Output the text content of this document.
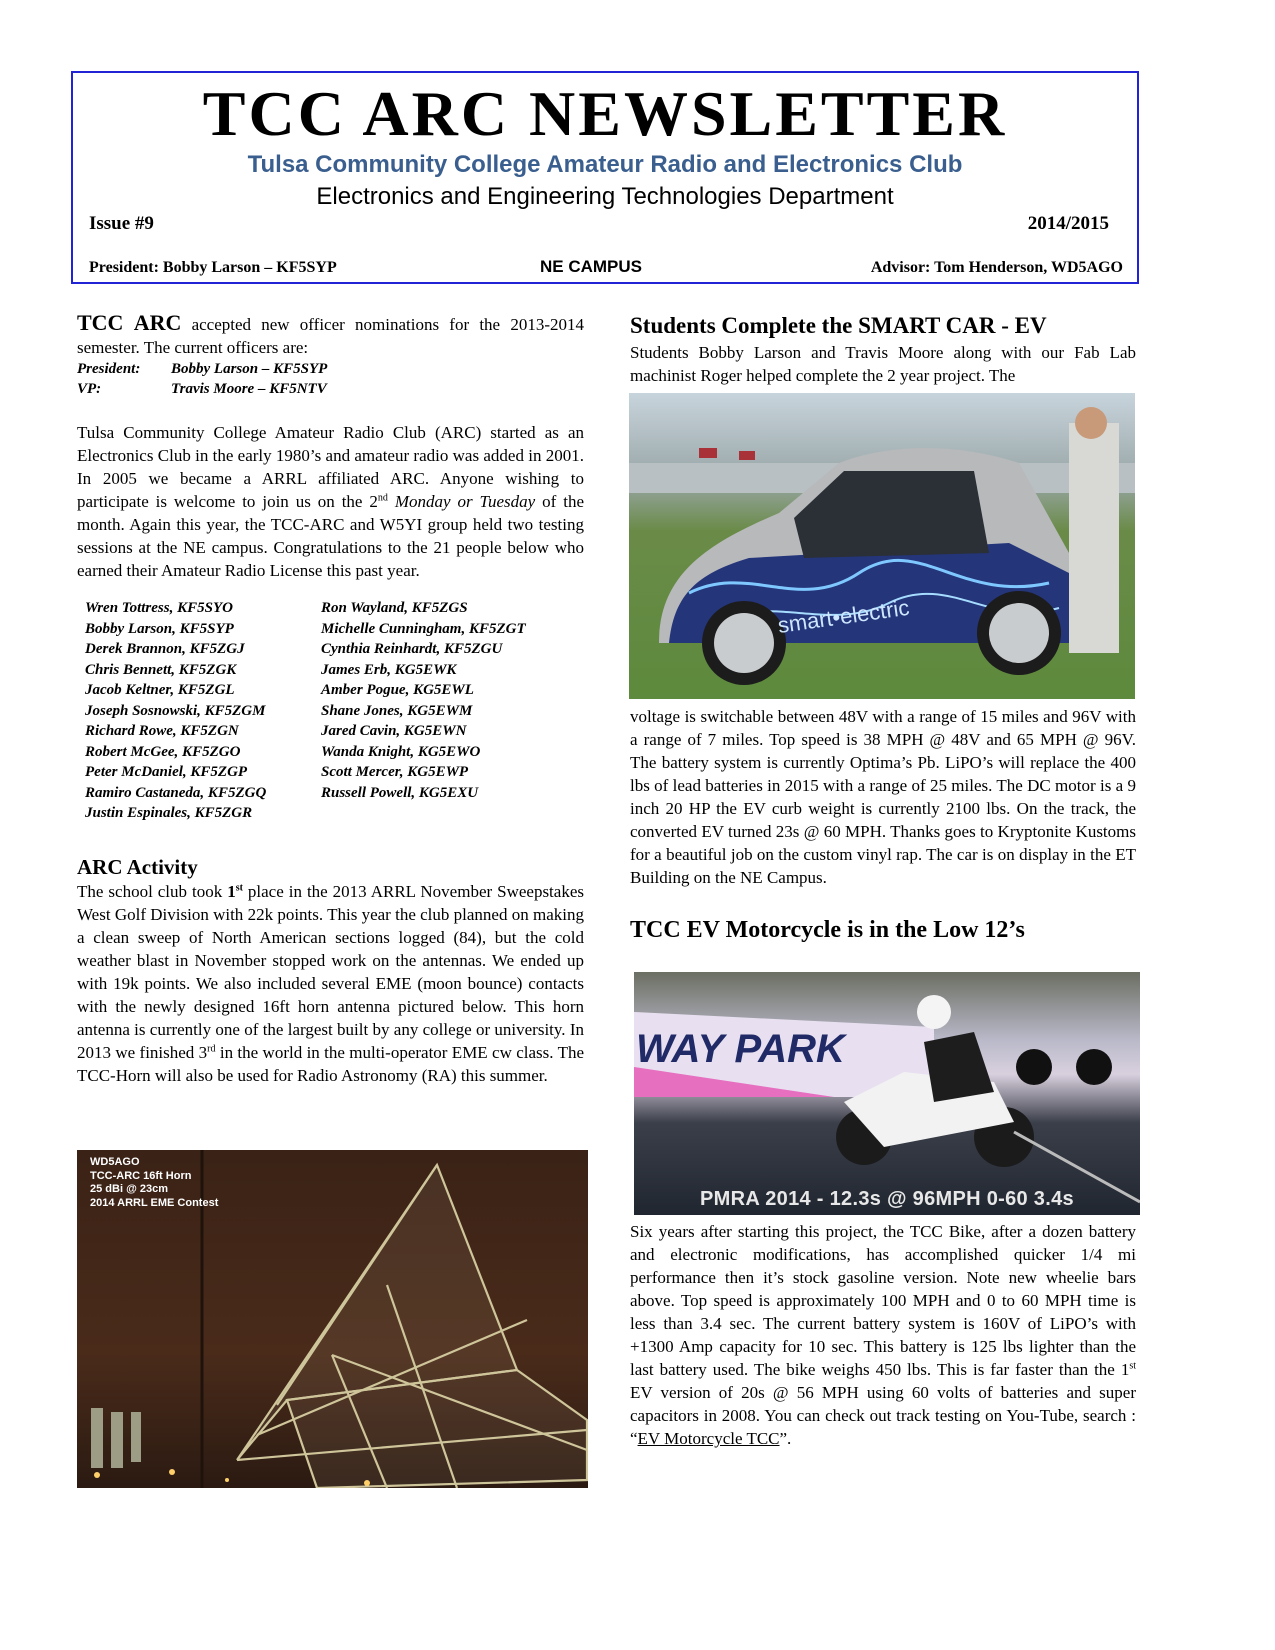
TCC ARC NEWSLETTER
Tulsa Community College Amateur Radio and Electronics Club
Electronics and Engineering Technologies Department
Issue #9	2014/2015
President: Bobby Larson – KF5SYP	NE CAMPUS	Advisor: Tom Henderson, WD5AGO

TCC ARC accepted new officer nominations for the 2013-2014 semester. The current officers are:

President: Bobby Larson – KF5SYP

VP:	Travis Moore – KF5NTV

Tulsa Community College Amateur Radio Club (ARC) started as an Electronics Club in the early 1980’s and amateur radio was added in 2001. In 2005 we became a ARRL affiliated ARC. Anyone wishing to participate is welcome to join us on the 2nd Monday or Tuesday of the month. Again this year, the TCC-ARC and W5YI group held two testing sessions at the NE campus. Congratulations to the 21 people below who earned their Amateur Radio License this past year.

Wren Tottress, KF5SYO	Ron Wayland, KF5ZGS
Bobby Larson, KF5SYP	Michelle Cunningham, KF5ZGT
Derek Brannon, KF5ZGJ	Cynthia Reinhardt, KF5ZGU
Chris Bennett, KF5ZGK	James Erb, KG5EWK
Jacob Keltner, KF5ZGL	Amber Pogue, KG5EWL
Joseph Sosnowski, KF5ZGM	Shane Jones, KG5EWM
Richard Rowe, KF5ZGN	Jared Cavin, KG5EWN
Robert McGee, KF5ZGO	Wanda Knight, KG5EWO
Peter McDaniel, KF5ZGP	Scott Mercer, KG5EWP
Ramiro Castaneda, KF5ZGQ	Russell Powell, KG5EXU
Justin Espinales, KF5ZGR
ARC Activity

The school club took 1st place in the 2013 ARRL November Sweepstakes West Golf Division with 22k points. This year the club planned on making a clean sweep of North American sections logged (84), but the cold weather blast in November stopped work on the antennas. We ended up with 19k points. We also included several EME (moon bounce) contacts with the newly designed 16ft horn antenna pictured below. This horn antenna is currently one of the largest built by any college or university. In 2013 we finished 3rd in the world in the multi-operator EME cw class. The TCC-Horn will also be used for Radio Astronomy (RA) this summer.

WD5AGO
TCC-ARC 16ft Horn
25 dBi @ 23cm
2014 ARRL EME Contest
Students Complete the SMART CAR - EV

Students Bobby Larson and Travis Moore along with our Fab Lab machinist Roger helped complete the 2 year project. The

smart•electric

voltage is switchable between 48V with a range of 15 miles and 96V with a range of 7 miles. Top speed is 38 MPH @ 48V and 65 MPH @ 96V. The battery system is currently Optima’s Pb. LiPO’s will replace the 400 lbs of lead batteries in 2015 with a range of 25 miles. The DC motor is a 9 inch 20 HP the EV curb weight is currently 2100 lbs. On the track, the converted EV turned 23s @ 60 MPH. Thanks goes to Kryptonite Kustoms for a beautiful job on the custom vinyl rap. The car is on display in the ET Building on the NE Campus.

TCC EV Motorcycle is in the Low 12’s
WAY PARK
PMRA 2014 - 12.3s @ 96MPH 0-60 3.4s

Six years after starting this project, the TCC Bike, after a dozen battery and electronic modifications, has accomplished quicker 1/4 mi performance then it’s stock gasoline version. Note new wheelie bars above. Top speed is approximately 100 MPH and 0 to 60 MPH time is less than 3.4 sec. The current battery system is 160V of LiPO’s with +1300 Amp capacity for 10 sec. This battery is 125 lbs lighter than the last battery used. The bike weighs 450 lbs. This is far faster than the 1st EV version of 20s @ 56 MPH using 60 volts of batteries and super capacitors in 2008. You can check out track testing on You-Tube, search : “EV Motorcycle TCC”.
